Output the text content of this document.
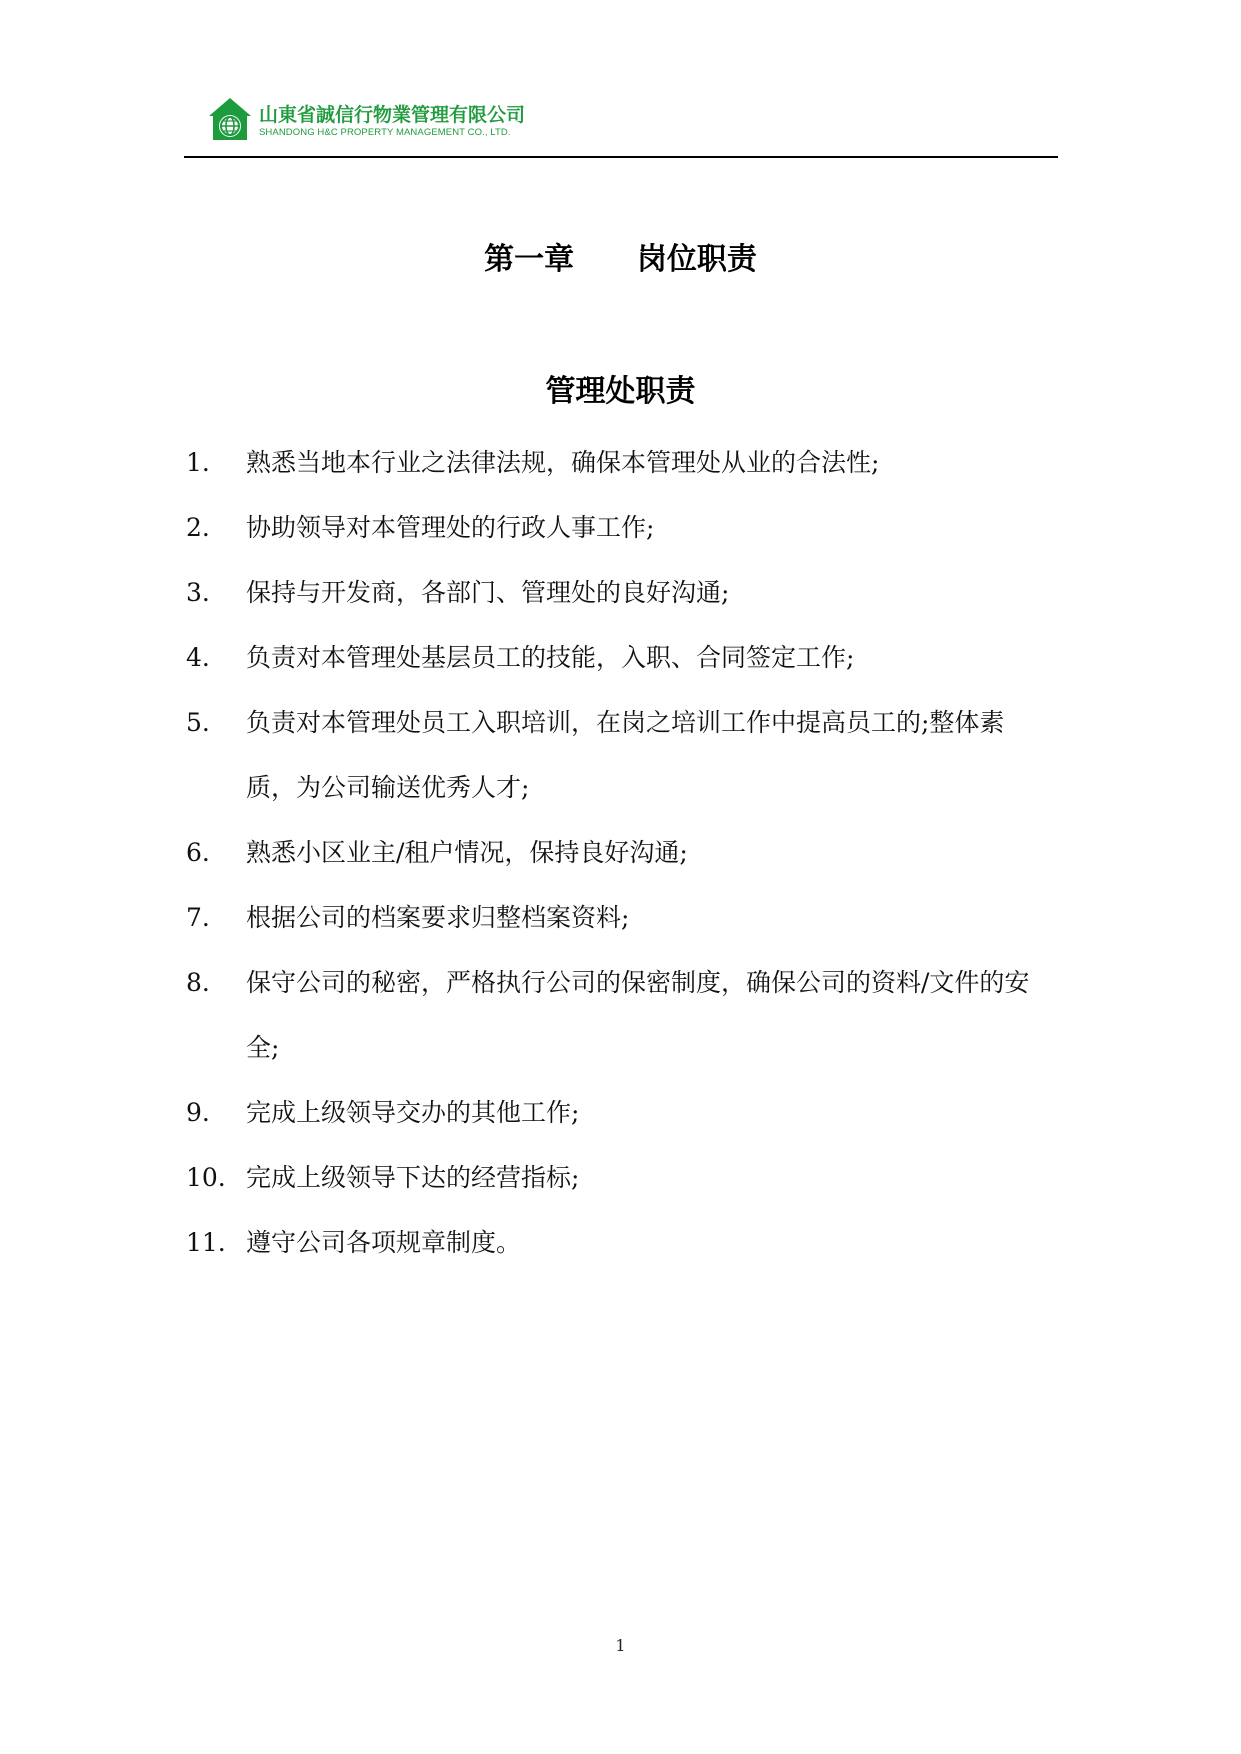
山東省誠信行物業管理有限公司
SHANDONG H&C PROPERTY MANAGEMENT CO., LTD.
第一章      岗位职责
管理处职责
1.	熟悉当地本行业之法律法规，确保本管理处从业的合法性;
2.	协助领导对本管理处的行政人事工作;
3.	保持与开发商，各部门、管理处的良好沟通;
4.	负责对本管理处基层员工的技能，入职、合同签定工作;
5.	负责对本管理处员工入职培训，在岗之培训工作中提高员工的;整体素质，为公司输送优秀人才;
6.	熟悉小区业主/租户情况，保持良好沟通;
7.	根据公司的档案要求归整档案资料;
8.	保守公司的秘密，严格执行公司的保密制度，确保公司的资料/文件的安全;
9.	完成上级领导交办的其他工作;
10. 完成上级领导下达的经营指标;
11. 遵守公司各项规章制度。
1
